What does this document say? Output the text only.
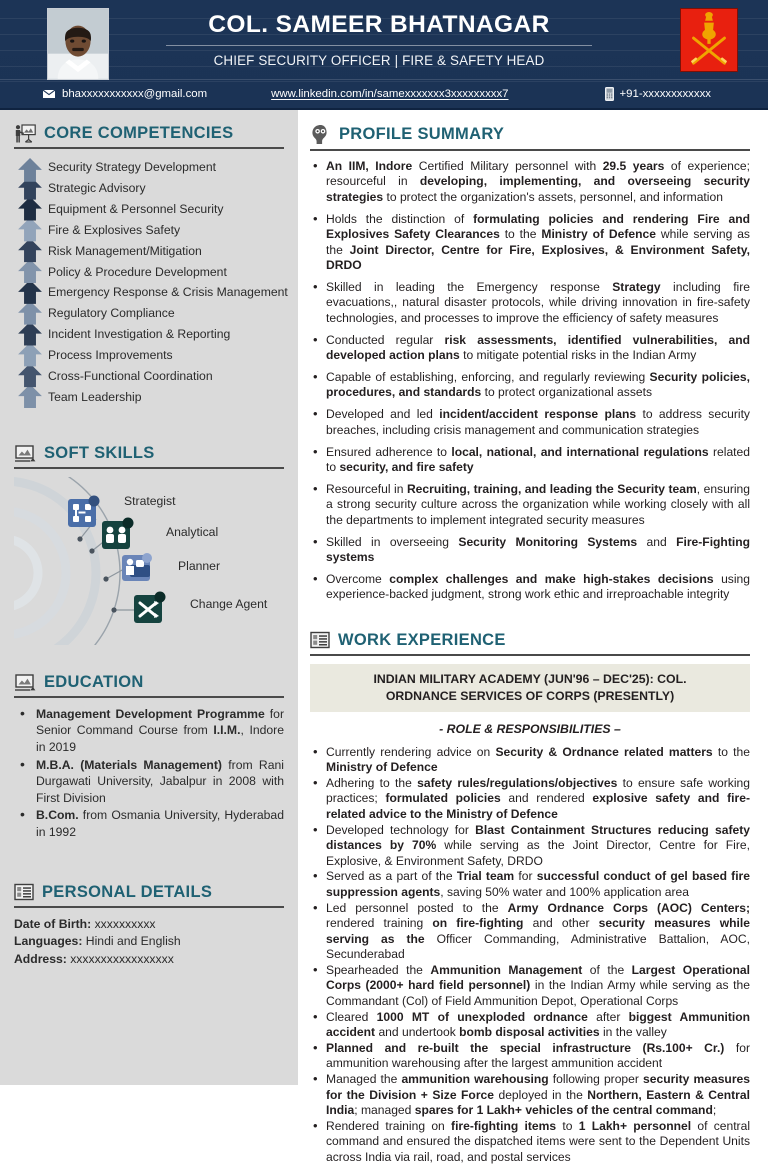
COL. SAMEER BHATNAGAR
CHIEF SECURITY OFFICER | FIRE & SAFETY HEAD
bhaxxxxxxxxxxx@gmail.com	www.linkedin.com/in/samexxxxxxx3xxxxxxxxx7	+91-xxxxxxxxxxxx
CORE COMPETENCIES
Security Strategy Development
Strategic Advisory
Equipment & Personnel Security
Fire & Explosives Safety
Risk Management/Mitigation
Policy & Procedure Development
Emergency Response & Crisis Management
Regulatory Compliance
Incident Investigation & Reporting
Process Improvements
Cross-Functional Coordination
Team Leadership
SOFT SKILLS
Strategist
Analytical
Planner
Change Agent
EDUCATION
• Management Development Programme for Senior Command Course from I.I.M., Indore in 2019
• M.B.A. (Materials Management) from Rani Durgawati University, Jabalpur in 2008 with First Division
• B.Com. from Osmania University, Hyderabad in 1992
PERSONAL DETAILS
Date of Birth: xxxxxxxxxx
Languages: Hindi and English
Address: xxxxxxxxxxxxxxxxx
PROFILE SUMMARY
• An IIM, Indore Certified Military personnel with 29.5 years of experience; resourceful in developing, implementing, and overseeing security strategies to protect the organization's assets, personnel, and information
• Holds the distinction of formulating policies and rendering Fire and Explosives Safety Clearances to the Ministry of Defence while serving as the Joint Director, Centre for Fire, Explosives, & Environment Safety, DRDO
• Skilled in leading the Emergency response Strategy including fire evacuations,, natural disaster protocols, while driving innovation in fire-safety technologies, and processes to improve the efficiency of safety measures
• Conducted regular risk assessments, identified vulnerabilities, and developed action plans to mitigate potential risks in the Indian Army
• Capable of establishing, enforcing, and regularly reviewing Security policies, procedures, and standards to protect organizational assets
• Developed and led incident/accident response plans to address security breaches, including crisis management and communication strategies
• Ensured adherence to local, national, and international regulations related to security, and fire safety
• Resourceful in Recruiting, training, and leading the Security team, ensuring a strong security culture across the organization while working closely with all the departments to implement integrated security measures
• Skilled in overseeing Security Monitoring Systems and Fire-Fighting systems
• Overcome complex challenges and make high-stakes decisions using experience-backed judgment, strong work ethic and irreproachable integrity
WORK EXPERIENCE
INDIAN MILITARY ACADEMY (JUN'96 – DEC'25): COL. ORDNANCE SERVICES OF CORPS (PRESENTLY)
- ROLE & RESPONSIBILITIES –
• Currently rendering advice on Security & Ordnance related matters to the Ministry of Defence
• Adhering to the safety rules/regulations/objectives to ensure safe working practices; formulated policies and rendered explosive safety and fire-related advice to the Ministry of Defence
• Developed technology for Blast Containment Structures reducing safety distances by 70% while serving as the Joint Director, Centre for Fire, Explosive, & Environment Safety, DRDO
• Served as a part of the Trial team for successful conduct of gel based fire suppression agents, saving 50% water and 100% application area
• Led personnel posted to the Army Ordnance Corps (AOC) Centers; rendered training on fire-fighting and other security measures while serving as the Officer Commanding, Administrative Battalion, AOC, Secunderabad
• Spearheaded the Ammunition Management of the Largest Operational Corps (2000+ hard field personnel) in the Indian Army while serving as the Commandant (Col) of Field Ammunition Depot, Operational Corps
• Cleared 1000 MT of unexploded ordnance after biggest Ammunition accident and undertook bomb disposal activities in the valley
• Planned and re-built the special infrastructure (Rs.100+ Cr.) for ammunition warehousing after the largest ammunition accident
• Managed the ammunition warehousing following proper security measures for the Division + Size Force deployed in the Northern, Eastern & Central India; managed spares for 1 Lakh+ vehicles of the central command;
• Rendered training on fire-fighting items to 1 Lakh+ personnel of central command and ensured the dispatched items were sent to the Dependent Units across India via rail, road, and postal services
